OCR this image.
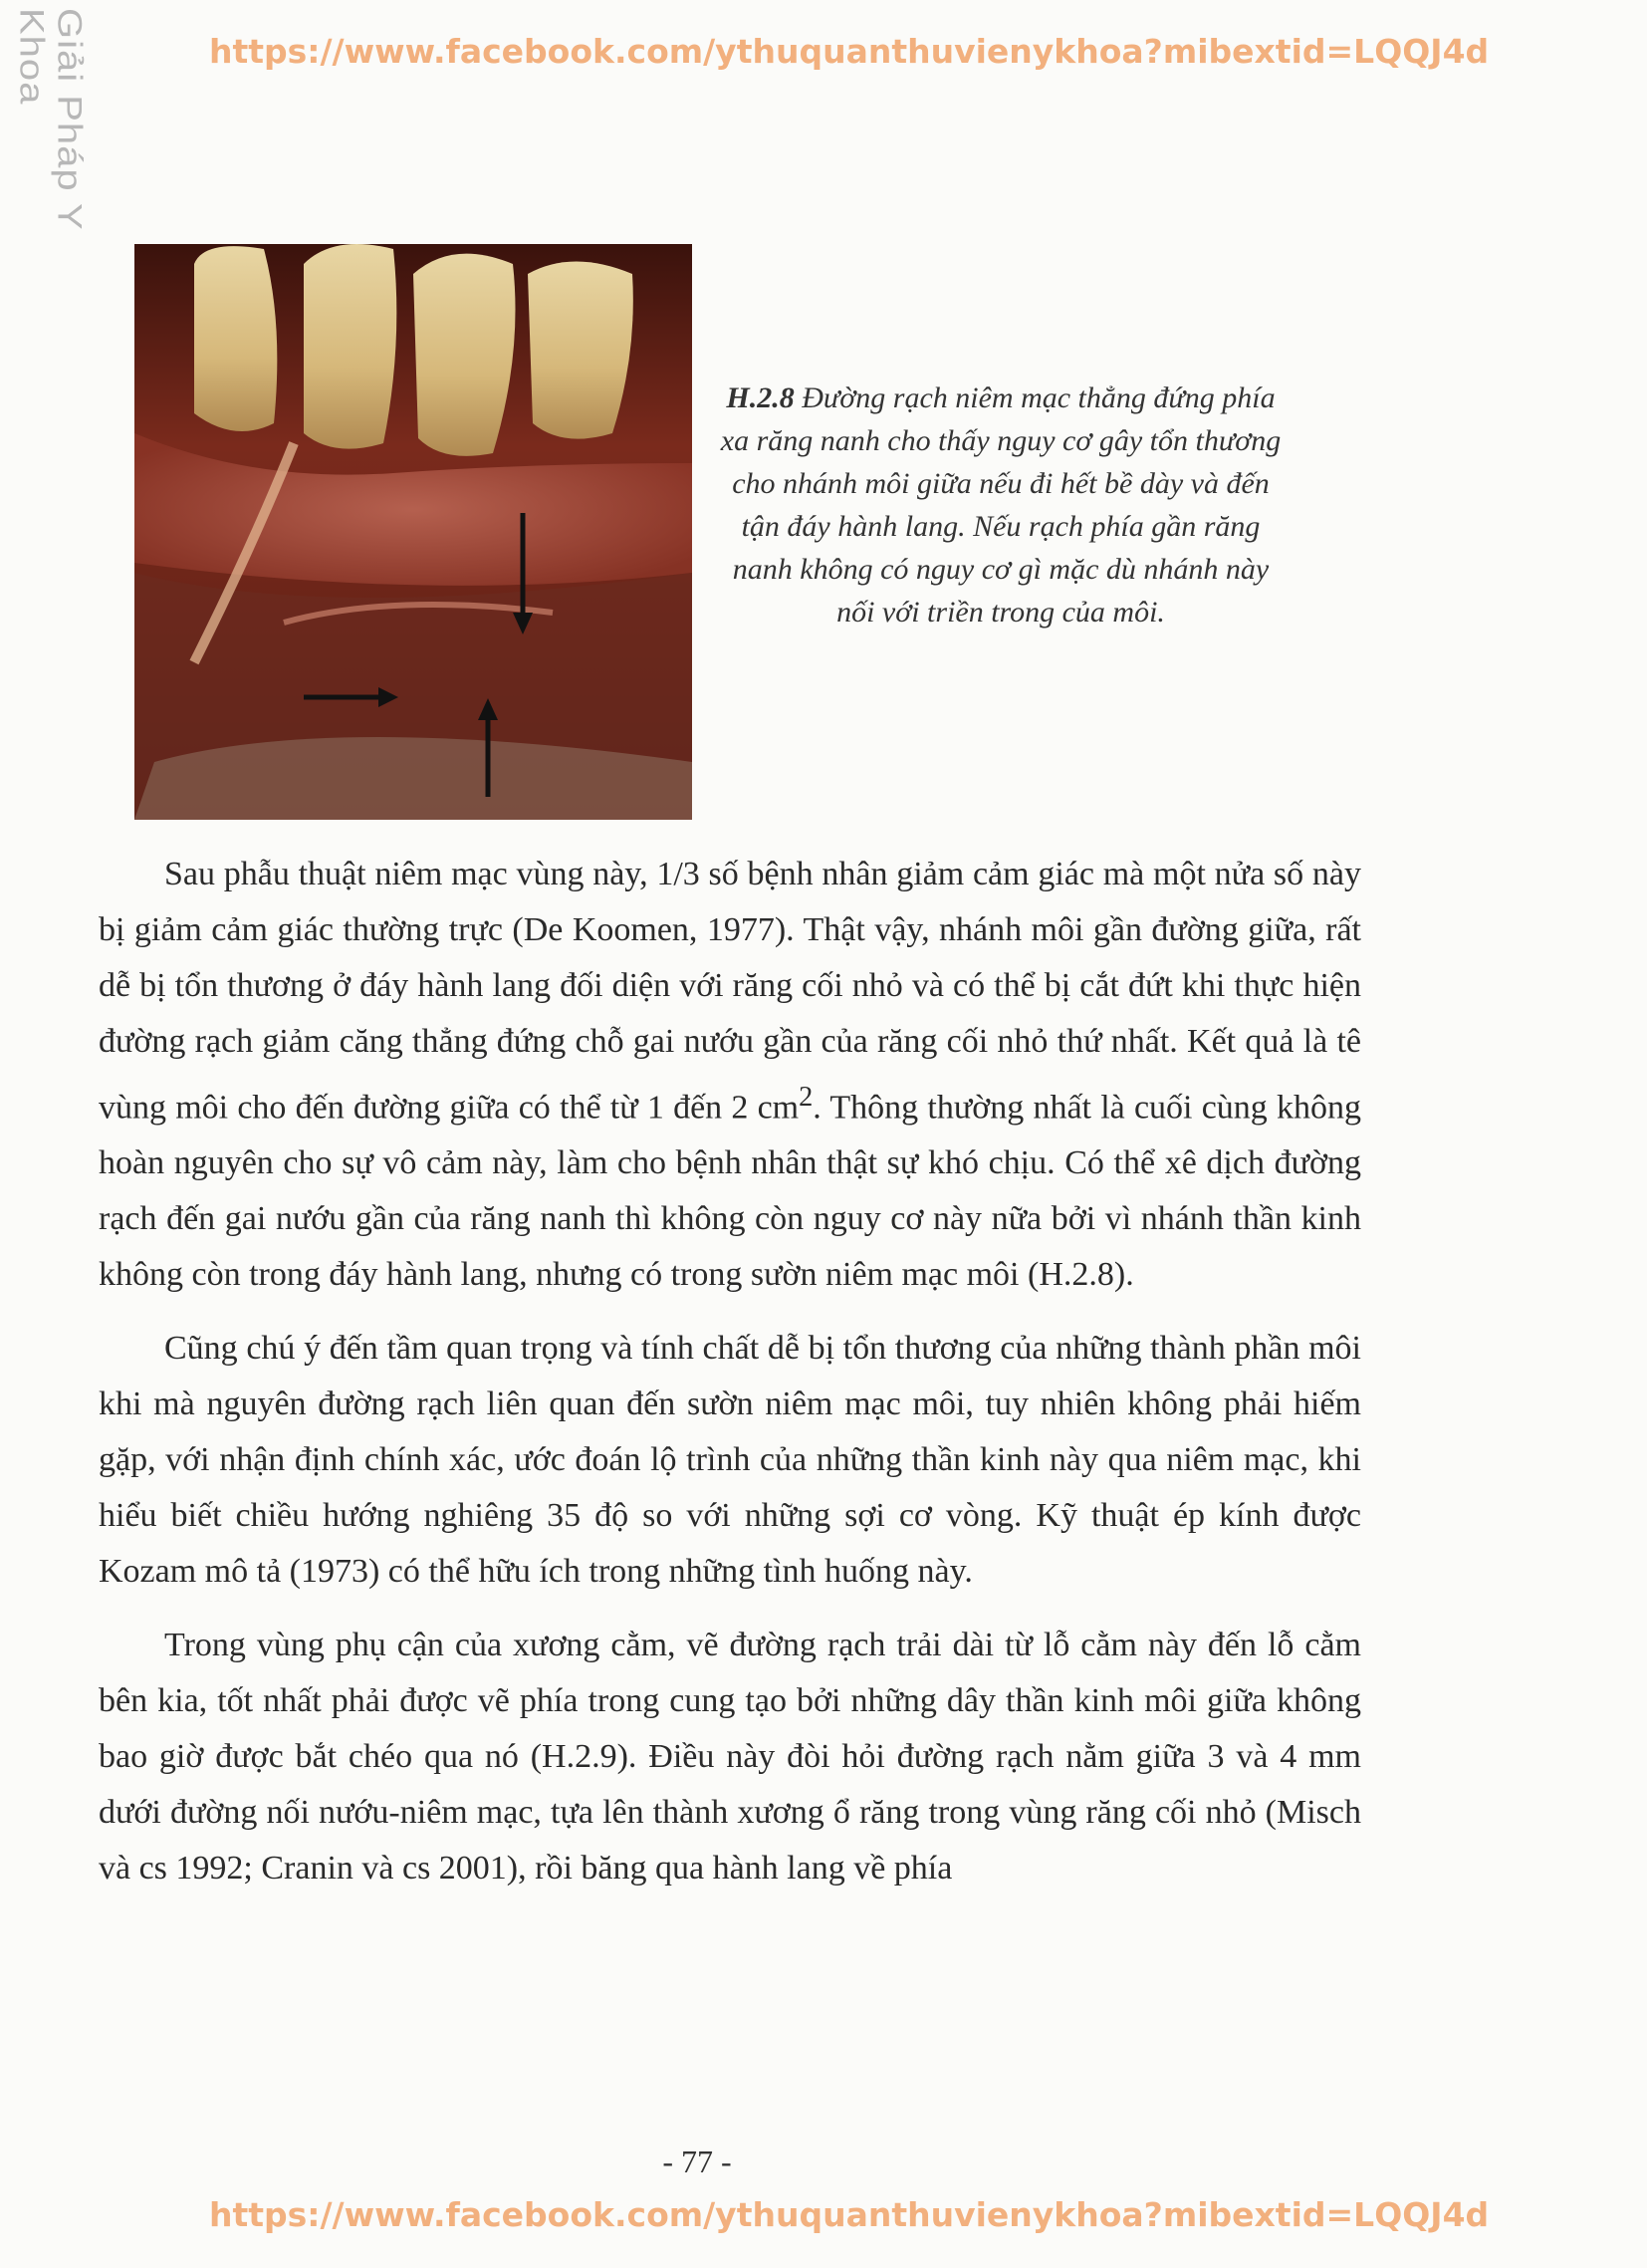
Giải Pháp Y Khoa	https://www.facebook.com/ythuquanthuvienykhoa?mibextid=LQQJ4d
H.2.8 Đường rạch niêm mạc thẳng đứng phía xa răng nanh cho thấy nguy cơ gây tổn thương cho nhánh môi giữa nếu đi hết bề dày và đến tận đáy hành lang. Nếu rạch phía gần răng nanh không có nguy cơ gì mặc dù nhánh này nối với triền trong của môi.

Sau phẫu thuật niêm mạc vùng này, 1/3 số bệnh nhân giảm cảm giác mà một nửa số này bị giảm cảm giác thường trực (De Koomen, 1977). Thật vậy, nhánh môi gần đường giữa, rất dễ bị tổn thương ở đáy hành lang đối diện với răng cối nhỏ và có thể bị cắt đứt khi thực hiện đường rạch giảm căng thẳng đứng chỗ gai nướu gần của răng cối nhỏ thứ nhất. Kết quả là tê vùng môi cho đến đường giữa có thể từ 1 đến 2 $cm^2$. Thông thường nhất là cuối cùng không hoàn nguyên cho sự vô cảm này, làm cho bệnh nhân thật sự khó chịu. Có thể xê dịch đường rạch đến gai nướu gần của răng nanh thì không còn nguy cơ này nữa bởi vì nhánh thần kinh không còn trong đáy hành lang, nhưng có trong sườn niêm mạc môi (H.2.8).

Cũng chú ý đến tầm quan trọng và tính chất dễ bị tổn thương của những thành phần môi khi mà nguyên đường rạch liên quan đến sườn niêm mạc môi, tuy nhiên không phải hiếm gặp, với nhận định chính xác, ước đoán lộ trình của những thần kinh này qua niêm mạc, khi hiểu biết chiều hướng nghiêng 35 độ so với những sợi cơ vòng. Kỹ thuật ép kính được Kozam mô tả (1973) có thể hữu ích trong những tình huống này.

Trong vùng phụ cận của xương cằm, vẽ đường rạch trải dài từ lỗ cằm này đến lỗ cằm bên kia, tốt nhất phải được vẽ phía trong cung tạo bởi những dây thần kinh môi giữa không bao giờ được bắt chéo qua nó (H.2.9). Điều này đòi hỏi đường rạch nằm giữa 3 và 4 mm dưới đường nối nướu-niêm mạc, tựa lên thành xương ổ răng trong vùng răng cối nhỏ (Misch và cs 1992; Cranin và cs 2001), rồi băng qua hành lang về phía

- 77 -
https://www.facebook.com/ythuquanthuvienykhoa?mibextid=LQQJ4d
